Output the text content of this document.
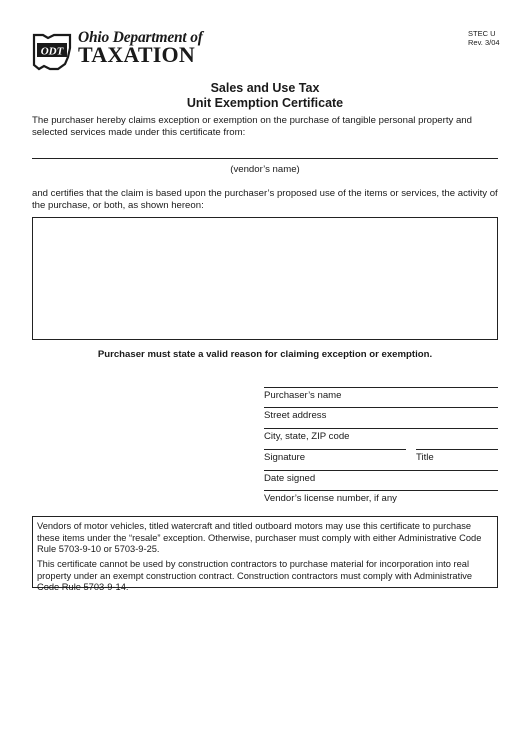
ODT
Ohio Department of
TAXATION
STEC U
Rev. 3/04
Sales and Use Tax
Unit Exemption Certificate
The purchaser hereby claims exception or exemption on the purchase of tangible personal property and selected services made under this certificate from:
(vendor’s name)
and certifies that the claim is based upon the purchaser’s proposed use of the items or services, the activity of the purchase, or both, as shown hereon:
Purchaser must state a valid reason for claiming exception or exemption.
Purchaser’s name
Street address
City, state, ZIP code
Signature	Title
Date signed
Vendor’s license number, if any
Vendors of motor vehicles, titled watercraft and titled outboard motors may use this certificate to purchase these items under the “resale” exception. Otherwise, purchaser must comply with either Administrative Code Rule 5703-9-10 or 5703-9-25.
This certificate cannot be used by construction contractors to purchase material for incorporation into real property under an exempt construction contract. Construction contractors must comply with Administrative Code Rule 5703-9-14.
